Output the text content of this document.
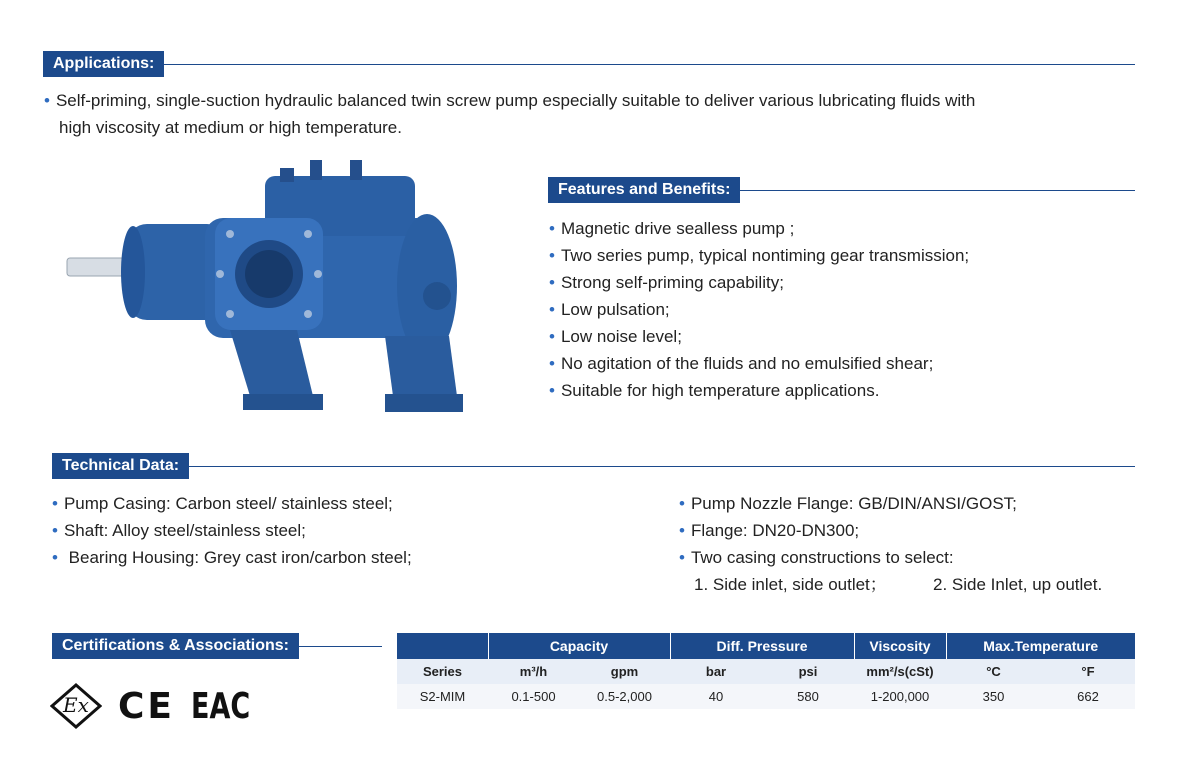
Applications:
• Self-priming, single-suction hydraulic balanced twin screw pump especially suitable to deliver various lubricating fluids with
high viscosity at medium or high temperature.
Features and Benefits:
• Magnetic drive sealless pump ;
• Two series pump, typical nontiming gear transmission;
• Strong self-priming capability;
• Low pulsation;
• Low noise level;
• No agitation of the fluids and no emulsified shear;
• Suitable for high temperature applications.
Technical Data:
• Pump Casing: Carbon steel/ stainless steel;
• Shaft: Alloy steel/stainless steel;
• Bearing Housing: Grey cast iron/carbon steel;
• Pump Nozzle Flange: GB/DIN/ANSI/GOST;
• Flange: DN20-DN300;
• Two casing constructions to select:
1. Side inlet, side outlet；	2. Side Inlet, up outlet.
Certifications & Associations:
Ex CE EAC
	Capacity		Diff. Pressure		Viscosity	Max.Temperature	
Series	m³/h	gpm	bar	psi	mm²/s(cSt)	°C	°F
S2-MIM	0.1-500	0.5-2,000	40	580	1-200,000	350	662
